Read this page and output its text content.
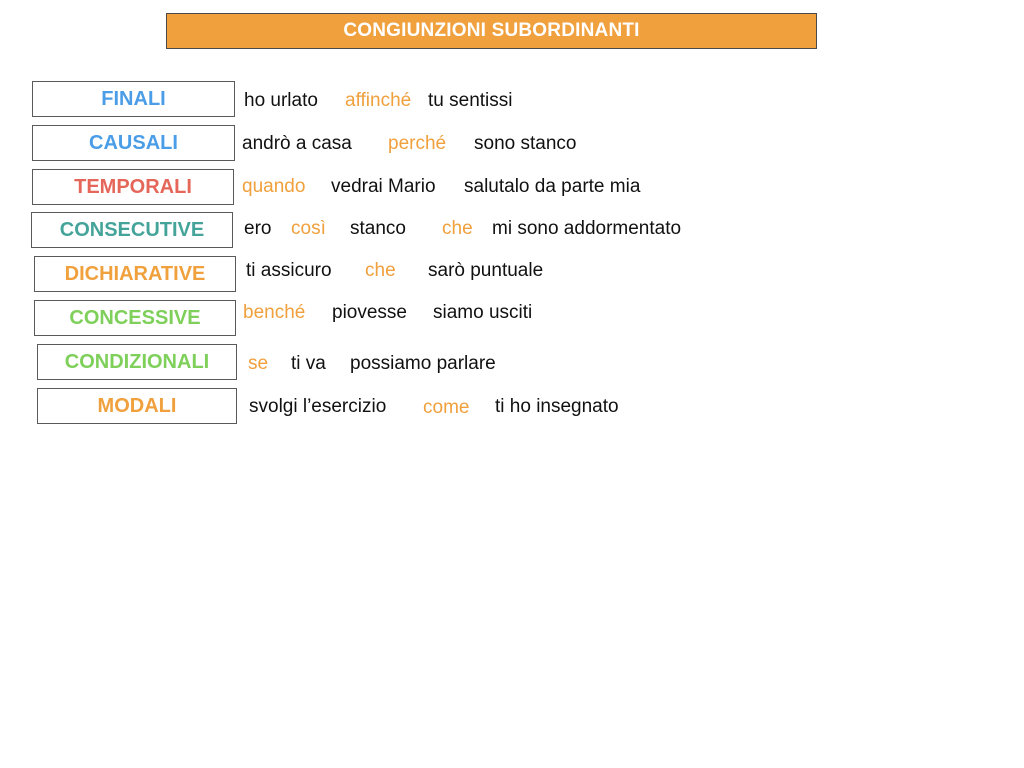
CONGIUNZIONI SUBORDINANTI
FINALI	ho urlato affinché tu sentissi
CAUSALI	andrò a casa perché sono stanco
TEMPORALI	quando vedrai Mario salutalo da parte mia
CONSECUTIVE ero così stanco che mi sono addormentato
DICHIARATIVE ti assicuro che sarò puntuale
CONCESSIVE benché piovesse siamo usciti
CONDIZIONALI se ti va possiamo parlare
MODALI	svolgi l’esercizio come ti ho insegnato
